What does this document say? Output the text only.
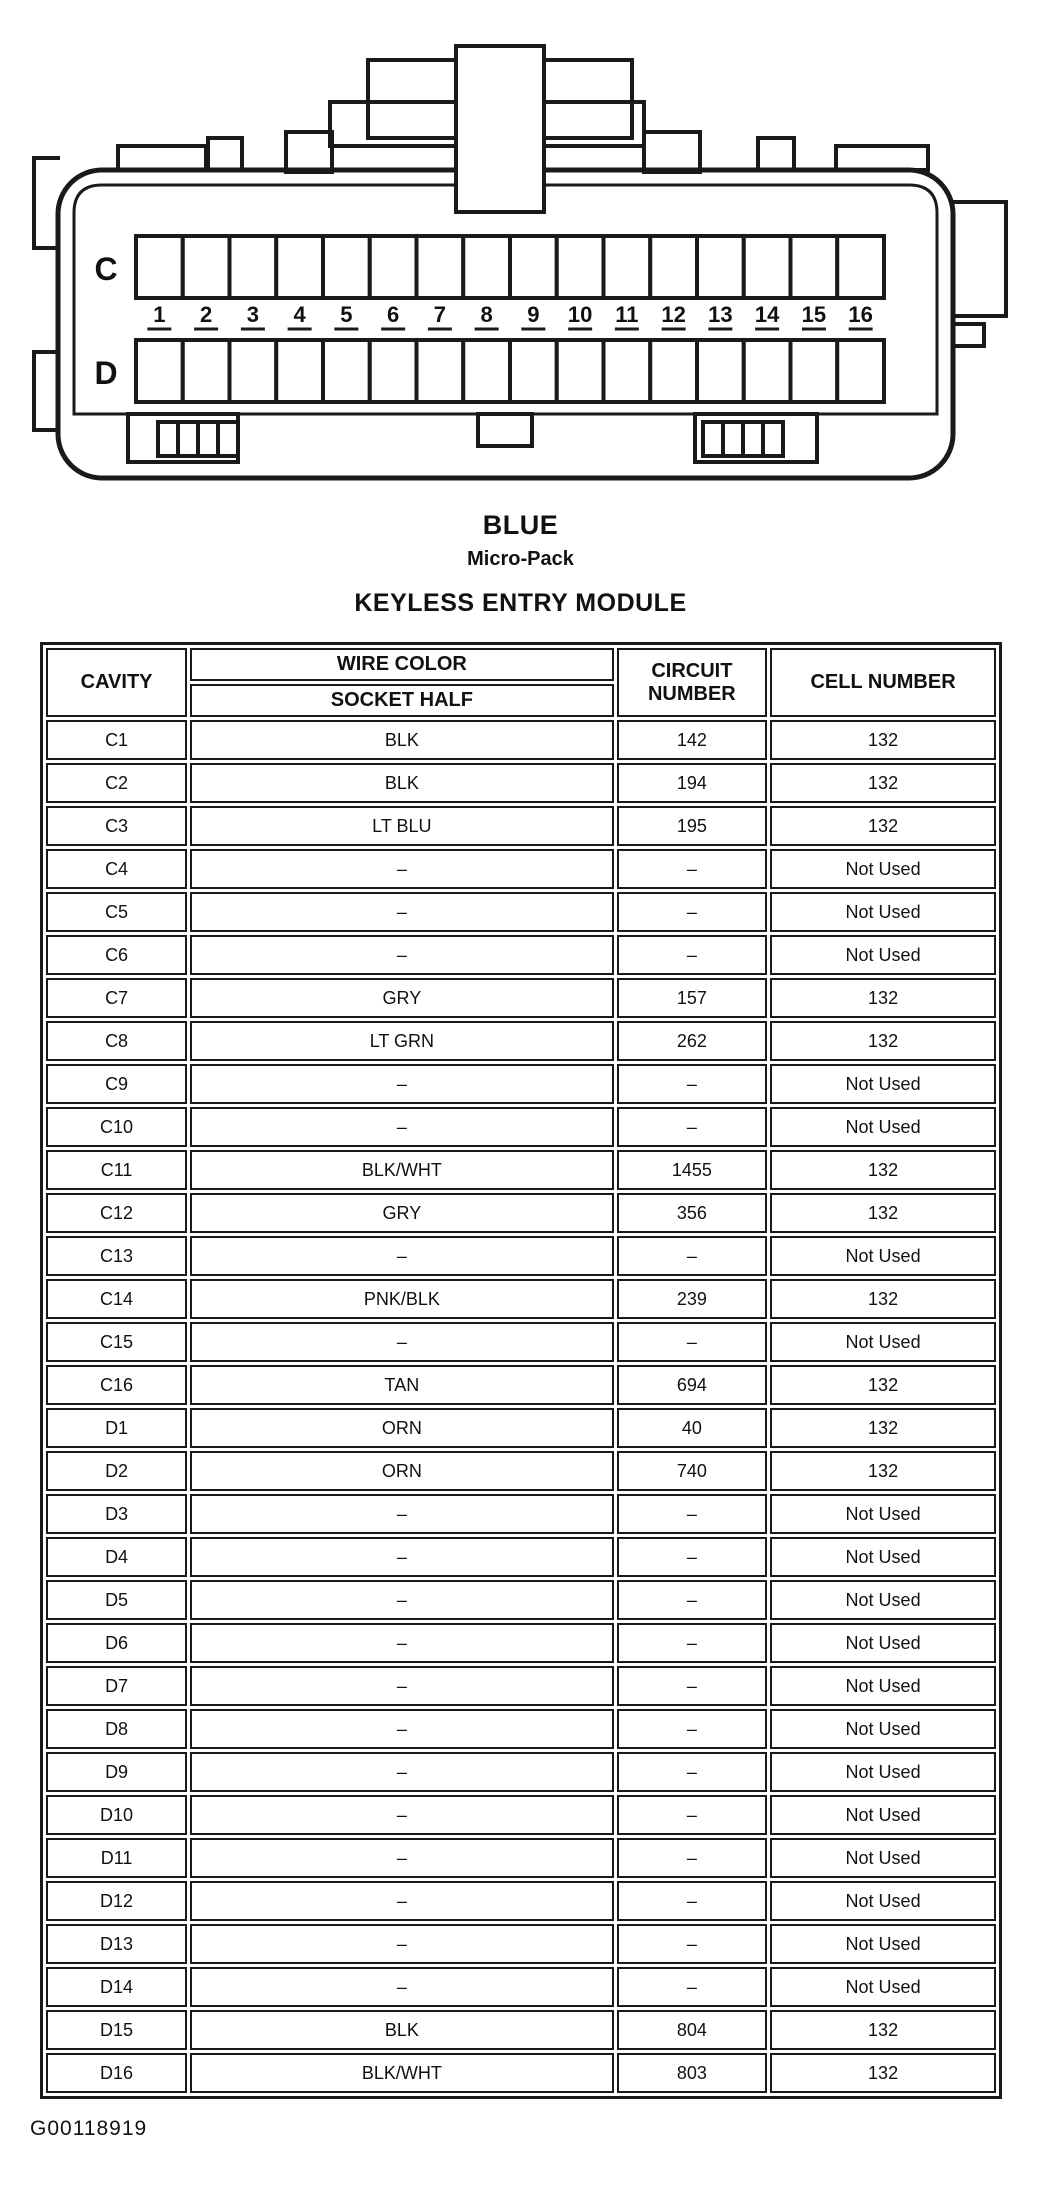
1 2 3 4 5 6 7 8 9 10 11 12 13 14 15 16
C
D
BLUE
Micro-Pack
KEYLESS ENTRY MODULE
CAVITY	WIRE COLOR	CIRCUIT NUMBER	CELL NUMBER
	SOCKET HALF		
C1	BLK	142	132
C2	BLK	194	132
C3	LT BLU	195	132
C4	–	–	Not Used
C5	–	–	Not Used
C6	–	–	Not Used
C7	GRY	157	132
C8	LT GRN	262	132
C9	–	–	Not Used
C10	–	–	Not Used
C11	BLK/WHT	1455	132
C12	GRY	356	132
C13	–	–	Not Used
C14	PNK/BLK	239	132
C15	–	–	Not Used
C16	TAN	694	132
D1	ORN	40	132
D2	ORN	740	132
D3	–	–	Not Used
D4	–	–	Not Used
D5	–	–	Not Used
D6	–	–	Not Used
D7	–	–	Not Used
D8	–	–	Not Used
D9	–	–	Not Used
D10	–	–	Not Used
D11	–	–	Not Used
D12	–	–	Not Used
D13	–	–	Not Used
D14	–	–	Not Used
D15	BLK	804	132
D16	BLK/WHT	803	132
G00118919
